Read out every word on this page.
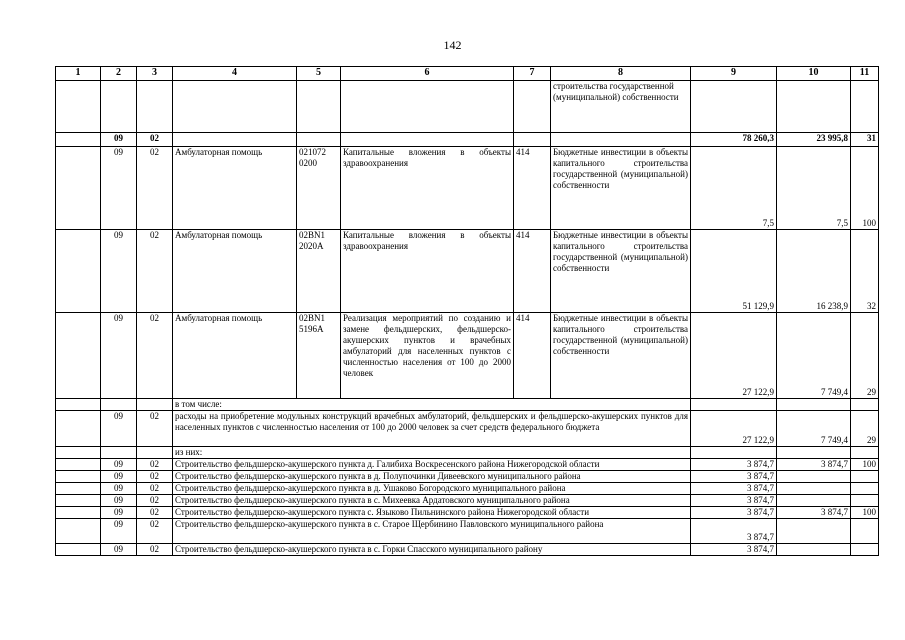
142
1	2	3	4	5	6	7	8	9	10	11
							строительства государственной (муниципальной) собственности			
	09	02						78 260,3	23 995,8	31
	09	02	Амбулаторная помощь	021072 0200	Капитальные вложения в объекты здравоохранения	414	Бюджетные инвестиции в объекты капитального строительства государственной (муниципальной) собственности	7,5	7,5	100
	09	02	Амбулаторная помощь	02BN1 2020A	Капитальные вложения в объекты здравоохранения	414	Бюджетные инвестиции в объекты капитального строительства государственной (муниципальной) собственности	51 129,9	16 238,9	32
	09	02	Амбулаторная помощь	02BN1 5196A	Реализация мероприятий по созданию и замене фельдшерских, фельдшерско-акушерских пунктов и врачебных амбулаторий для населенных пунктов с численностью населения от 100 до 2000 человек	414	Бюджетные инвестиции в объекты капитального строительства государственной (муниципальной) собственности	27 122,9	7 749,4	29
			в том числе:							
	09	02	расходы на приобретение модульных конструкций врачебных амбулаторий, фельдшерских и фельдшерско-акушерских пунктов для населенных пунктов с численностью населения от 100 до 2000 человек за счет средств федерального бюджета					27 122,9	7 749,4	29
			из них:							
	09	02	Строительство фельдшерско-акушерского пункта д. Галибиха Воскресенского района Нижегородской области					3 874,7	3 874,7	100
	09	02	Строительство фельдшерско-акушерского пункта в д. Полупочинки Дивеевского муниципального района					3 874,7		
	09	02	Строительство фельдшерско-акушерского пункта в д. Ушаково Богородского муниципального района					3 874,7		
	09	02	Строительство фельдшерско-акушерского пункта в с. Михеевка Ардатовского муниципального района					3 874,7		
	09	02	Строительство фельдшерско-акушерского пункта с. Языково Пильнинского района Нижегородской области					3 874,7	3 874,7	100
	09	02	Строительство фельдшерско-акушерского пункта в с. Старое Щербинино Павловского муниципального района					3 874,7		
	09	02	Строительство фельдшерско-акушерского пункта в с. Горки Спасского муниципального району					3 874,7		
